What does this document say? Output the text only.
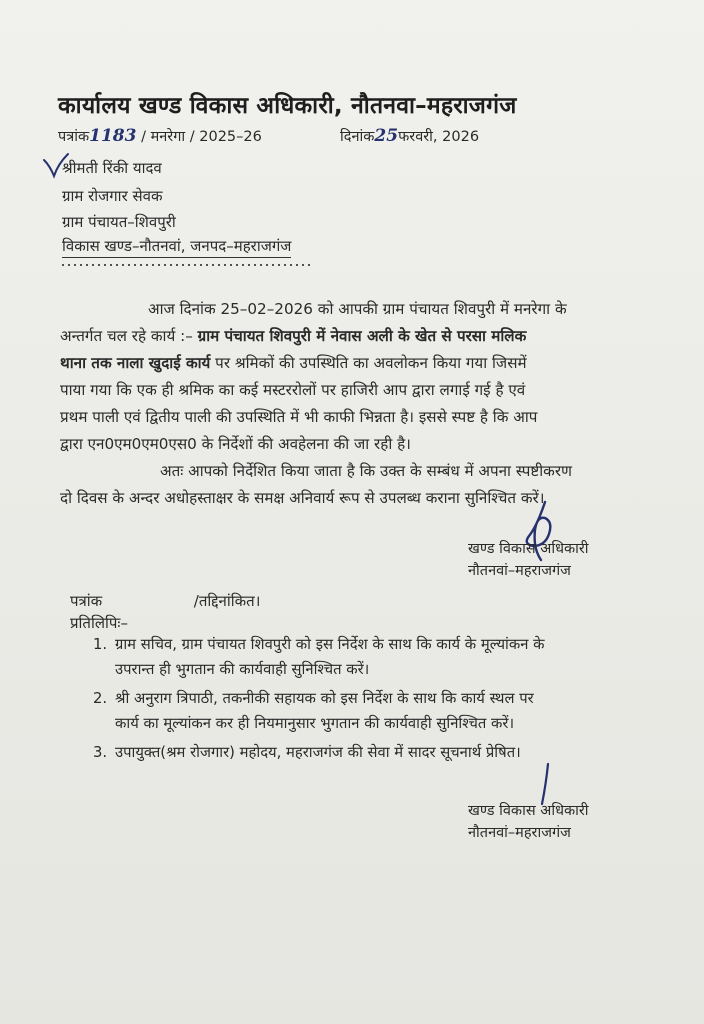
कार्यालय खण्ड विकास अधिकारी, नौतनवा–महराजगंज
पत्रांक1183 / मनरेगा / 2025–26	दिनांक25फरवरी, 2026
श्रीमती रिंकी यादव
ग्राम रोजगार सेवक
ग्राम पंचायत–शिवपुरी
विकास खण्ड–नौतनवां, जनपद–महराजगंज
आज दिनांक 25–02–2026 को आपकी ग्राम पंचायत शिवपुरी में मनरेगा के
अन्तर्गत चल रहे कार्य :– ग्राम पंचायत शिवपुरी में नेवास अली के खेत से परसा मलिक
थाना तक नाला खुदाई कार्य पर श्रमिकों की उपस्थिति का अवलोकन किया गया जिसमें
पाया गया कि एक ही श्रमिक का कई मस्टररोलों पर हाजिरी आप द्वारा लगाई गई है एवं
प्रथम पाली एवं द्वितीय पाली की उपस्थिति में भी काफी भिन्नता है। इससे स्पष्ट है कि आप
द्वारा एन0एम0एम0एस0 के निर्देशों की अवहेलना की जा रही है।
अतः आपको निर्देशित किया जाता है कि उक्त के सम्बंध में अपना स्पष्टीकरण
दो दिवस के अन्दर अधोहस्ताक्षर के समक्ष अनिवार्य रूप से उपलब्ध कराना सुनिश्चित करें।
खण्ड विकास अधिकारी
नौतनवां–महराजगंज
पत्रांक	/तद्दिनांकित।
प्रतिलिपिः–
1. ग्राम सचिव, ग्राम पंचायत शिवपुरी को इस निर्देश के साथ कि कार्य के मूल्यांकन के
उपरान्त ही भुगतान की कार्यवाही सुनिश्चित करें।
2. श्री अनुराग त्रिपाठी, तकनीकी सहायक को इस निर्देश के साथ कि कार्य स्थल पर
कार्य का मूल्यांकन कर ही नियमानुसार भुगतान की कार्यवाही सुनिश्चित करें।
3. उपायुक्त(श्रम रोजगार) महोदय, महराजगंज की सेवा में सादर सूचनार्थ प्रेषित।
खण्ड विकास अधिकारी
नौतनवां–महराजगंज
